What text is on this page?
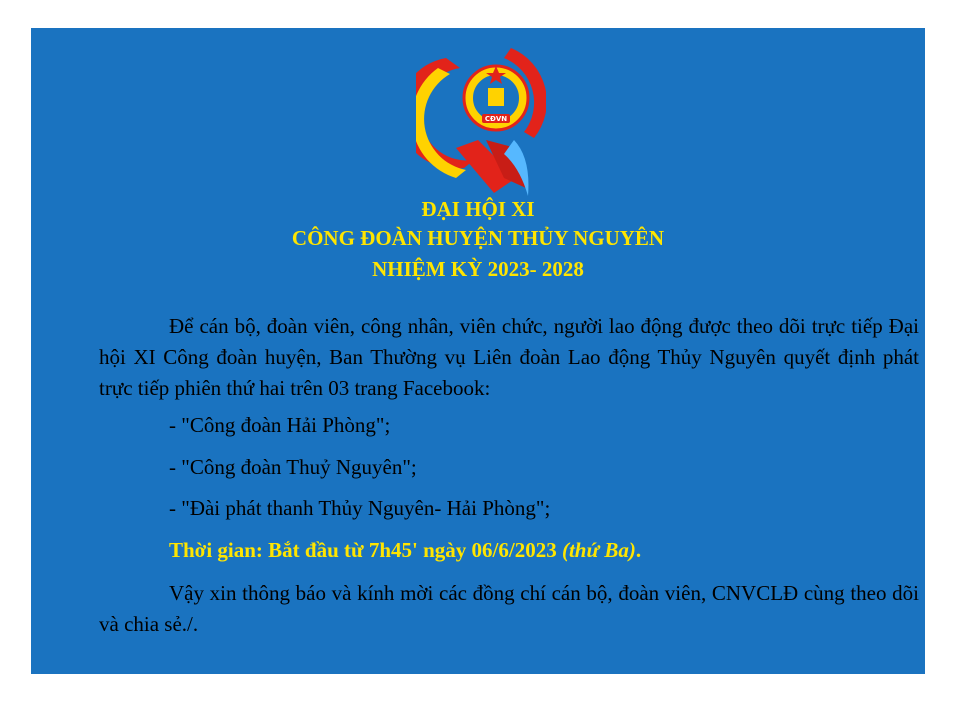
CĐVN
ĐẠI HỘI XI
CÔNG ĐOÀN HUYỆN THỦY NGUYÊN
NHIỆM KỲ 2023- 2028

Để cán bộ, đoàn viên, công nhân, viên chức, người lao động được theo dõi trực tiếp Đại hội XI Công đoàn huyện, Ban Thường vụ Liên đoàn Lao động Thủy Nguyên quyết định phát trực tiếp phiên thứ hai trên 03 trang Facebook:

- "Công đoàn Hải Phòng";
- "Công đoàn Thuỷ Nguyên";
- "Đài phát thanh Thủy Nguyên- Hải Phòng";
Thời gian: Bắt đầu từ 7h45' ngày 06/6/2023 (thứ Ba).

Vậy xin thông báo và kính mời các đồng chí cán bộ, đoàn viên, CNVCLĐ cùng theo dõi và chia sẻ./.
